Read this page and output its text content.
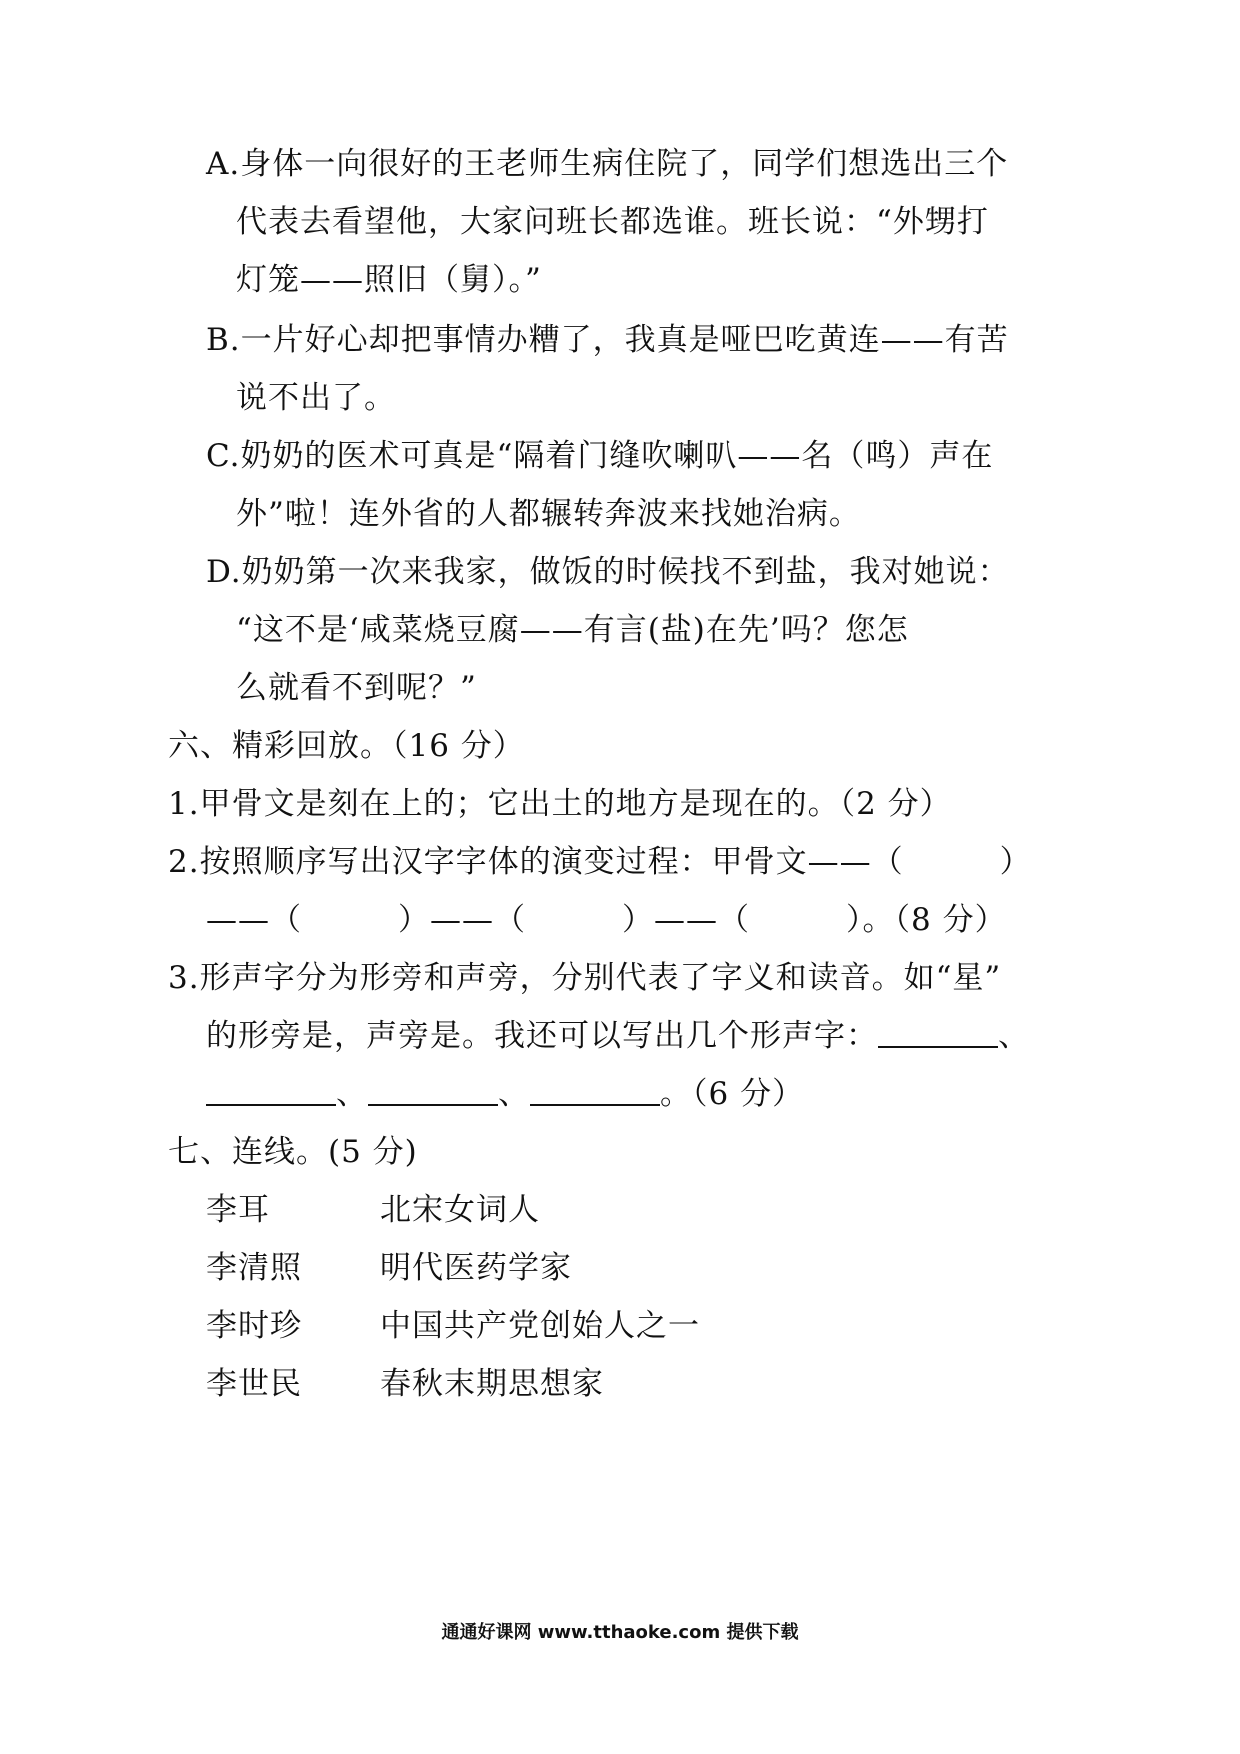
A.身体一向很好的王老师生病住院了，同学们想选出三个
代表去看望他，大家问班长都选谁。班长说：“外甥打
灯笼——照旧（舅）。”
B.一片好心却把事情办糟了，我真是哑巴吃黄连——有苦
说不出了。
C.奶奶的医术可真是“隔着门缝吹喇叭——名（鸣）声在
外”啦！连外省的人都辗转奔波来找她治病。
D.奶奶第一次来我家，做饭的时候找不到盐，我对她说：
“这不是‘咸菜烧豆腐——有言(盐)在先’吗？您怎
么就看不到呢？”
六、精彩回放。（16 分）
1.甲骨文是刻在上的；它出土的地方是现在的。（2 分）
2.按照顺序写出汉字字体的演变过程：甲骨文——（　　　）
——（　　　）——（　　　）——（　　　）。（8 分）
3.形声字分为形旁和声旁，分别代表了字义和读音。如“星”
的形旁是，声旁是。我还可以写出几个形声字：	、
、	、	。（6 分）
七、连线。(5 分)
李耳	北宋女词人
李清照	明代医药学家
李时珍	中国共产党创始人之一
李世民	春秋末期思想家
通通好课网 www.tthaoke.com 提供下载
